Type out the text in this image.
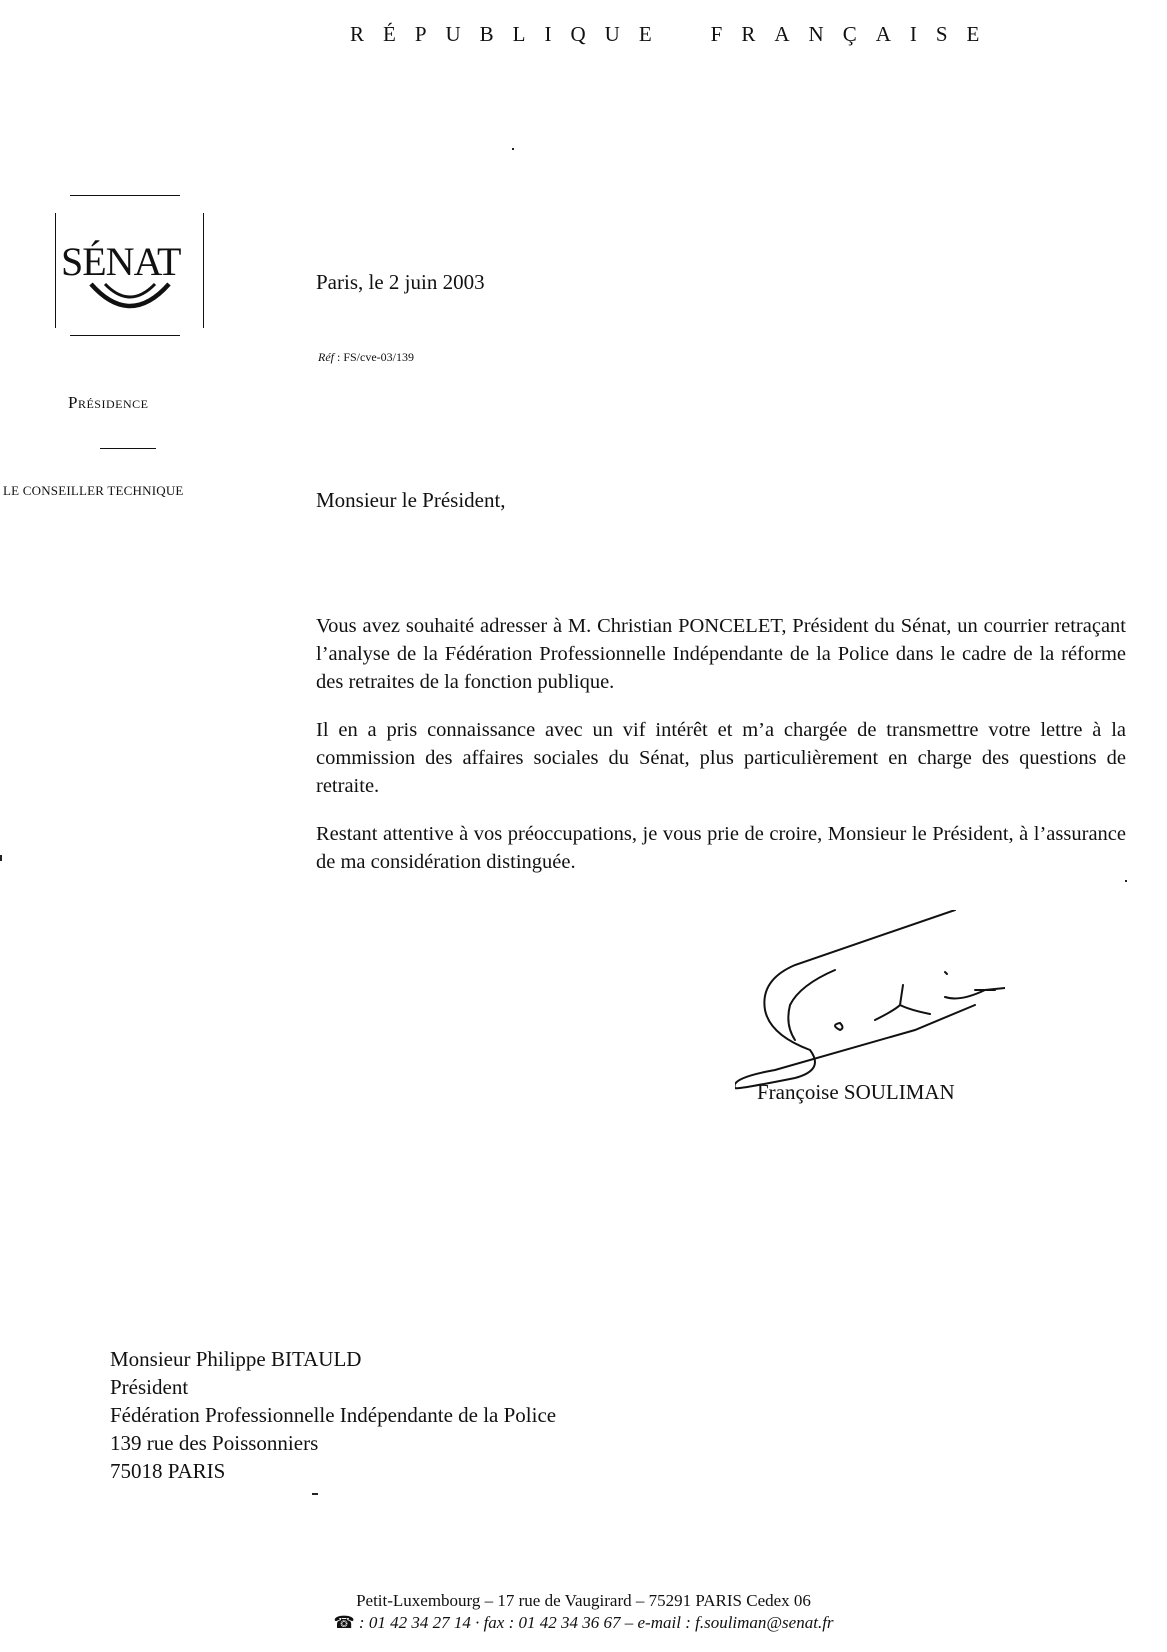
RÉPUBLIQUE FRANÇAISE
SÉNAT
Présidence
LE CONSEILLER TECHNIQUE
Paris, le 2 juin 2003
Réf : FS/cve-03/139
Monsieur le Président,

Vous avez souhaité adresser à M. Christian PONCELET, Président du Sénat, un courrier retraçant l’analyse de la Fédération Professionnelle Indépendante de la Police dans le cadre de la réforme des retraites de la fonction publique.

Il en a pris connaissance avec un vif intérêt et m’a chargée de transmettre votre lettre à la commission des affaires sociales du Sénat, plus particulièrement en charge des questions de retraite.

Restant attentive à vos préoccupations, je vous prie de croire, Monsieur le Président, à l’assurance de ma considération distinguée.

Françoise SOULIMAN
Monsieur Philippe BITAULD
Président
Fédération Professionnelle Indépendante de la Police
139 rue des Poissonniers
75018 PARIS
Petit-Luxembourg – 17 rue de Vaugirard – 75291 PARIS Cedex 06
☎ : 01 42 34 27 14 · fax : 01 42 34 36 67 – e-mail : f.souliman@senat.fr
